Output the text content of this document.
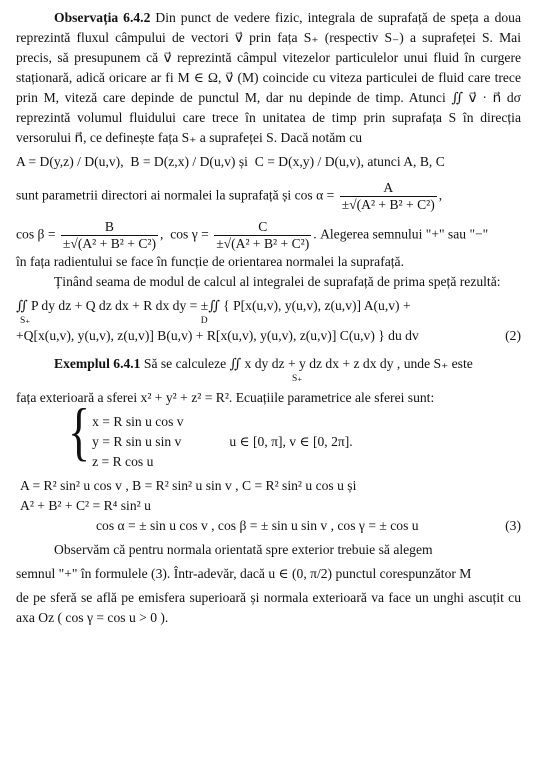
Observația 6.4.2 Din punct de vedere fizic, integrala de suprafață de speța a doua reprezintă fluxul câmpului de vectori v⃗ prin fața S₊ (respectiv S₋) a suprafeței S. Mai precis, să presupunem că v⃗ reprezintă câmpul vitezelor particulelor unui fluid în curgere staționară, adică oricare ar fi M ∈ Ω, v⃗ (M) coincide cu viteza particulei de fluid care trece prin M, viteză care depinde de punctul M, dar nu depinde de timp. Atunci ∬ v⃗ · n⃗ dσ reprezintă volumul fluidului care trece în unitatea de timp prin suprafața S în direcția versorului n⃗, ce definește fața S₊ a suprafeței S. Dacă notăm cu

A = D(y,z) / D(u,v),  B = D(z,x) / D(u,v) și  C = D(x,y) / D(u,v), atunci A, B, C

sunt parametrii directori ai normalei la suprafață și $\cos \alpha = \frac{A}{\text{±√(A² + B² + C²)}}$ ,

$\cos \beta = \frac{B}{\text{±√(A² + B² + C²)}}$ ,  $\cos \gamma = \frac{C}{\text{±√(A² + B² + C²)}}$ . Alegerea semnului "+" sau "−"

în fața radientului se face în funcție de orientarea normalei la suprafață.

Ținând seama de modul de calcul al integralei de suprafață de prima speță rezultă:

∬ P dy dz + Q dz dx + R dx dy = ±∬ { P[x(u,v), y(u,v), z(u,v)] A(u,v) +
S₊	D
+Q[x(u,v), y(u,v), z(u,v)] B(u,v) + R[x(u,v), y(u,v), z(u,v)] C(u,v) } du dv	(2)

Exemplul 6.4.1 Să se calculeze ∬ x dy dz + y dz dx + z dx dy , unde S₊ este

S₊

fața exterioară a sferei x² + y² + z² = R². Ecuațiile parametrice ale sferei sunt:

{ x = R sin u cos v
y = R sin u sin v	u ∈ [0, π], v ∈ [0, 2π].
z = R cos u

A = R² sin² u cos v , B = R² sin² u sin v , C = R² sin² u cos u și

A² + B² + C² = R⁴ sin² u

cos α = ± sin u cos v , cos β = ± sin u sin v , cos γ = ± cos u	(3)

Observăm că pentru normala orientată spre exterior trebuie să alegem

semnul "+" în formulele (3). Într-adevăr, dacă u ∈ (0, π/2) punctul corespunzător M

de pe sferă se află pe emisfera superioară și normala exterioară va face un unghi ascuțit cu axa Oz ( cos γ = cos u > 0 ).
